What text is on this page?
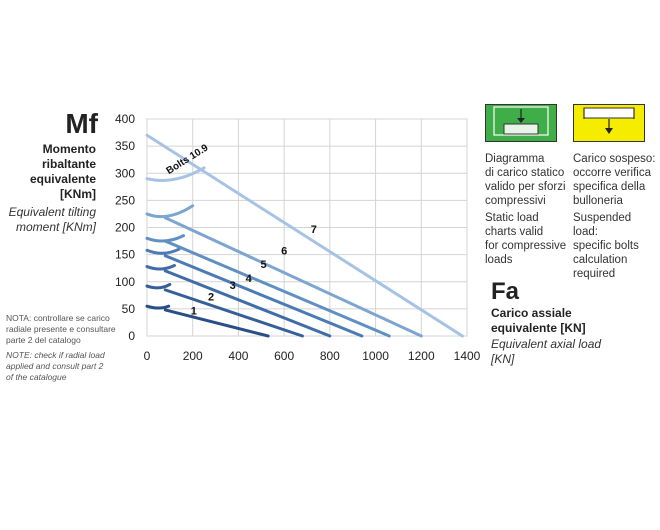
Mf
Momento
ribaltante
equivalente
[KNm]
Equivalent tilting
moment [KNm]
NOTA: controllare se carico
radiale presente e consultare
parte 2 del catalogo
NOTE: check if radial load
applied and consult part 2
of the catalogue
1
2
3
4
5
6
7
0	200 400 600 800 1000 1200 1400
0
50
100
150
200
250
300
350
400
Bolts 10.9	Diagramma
di carico statico
valido per sforzi
compressivi
Static load
charts valid
for compressive
loads
Carico sospeso:
occorre verifica
specifica della
bulloneria
Suspended load:
specific bolts
calculation
required
Fa
Carico assiale
equivalente [KN]
Equivalent axial load
[KN]
